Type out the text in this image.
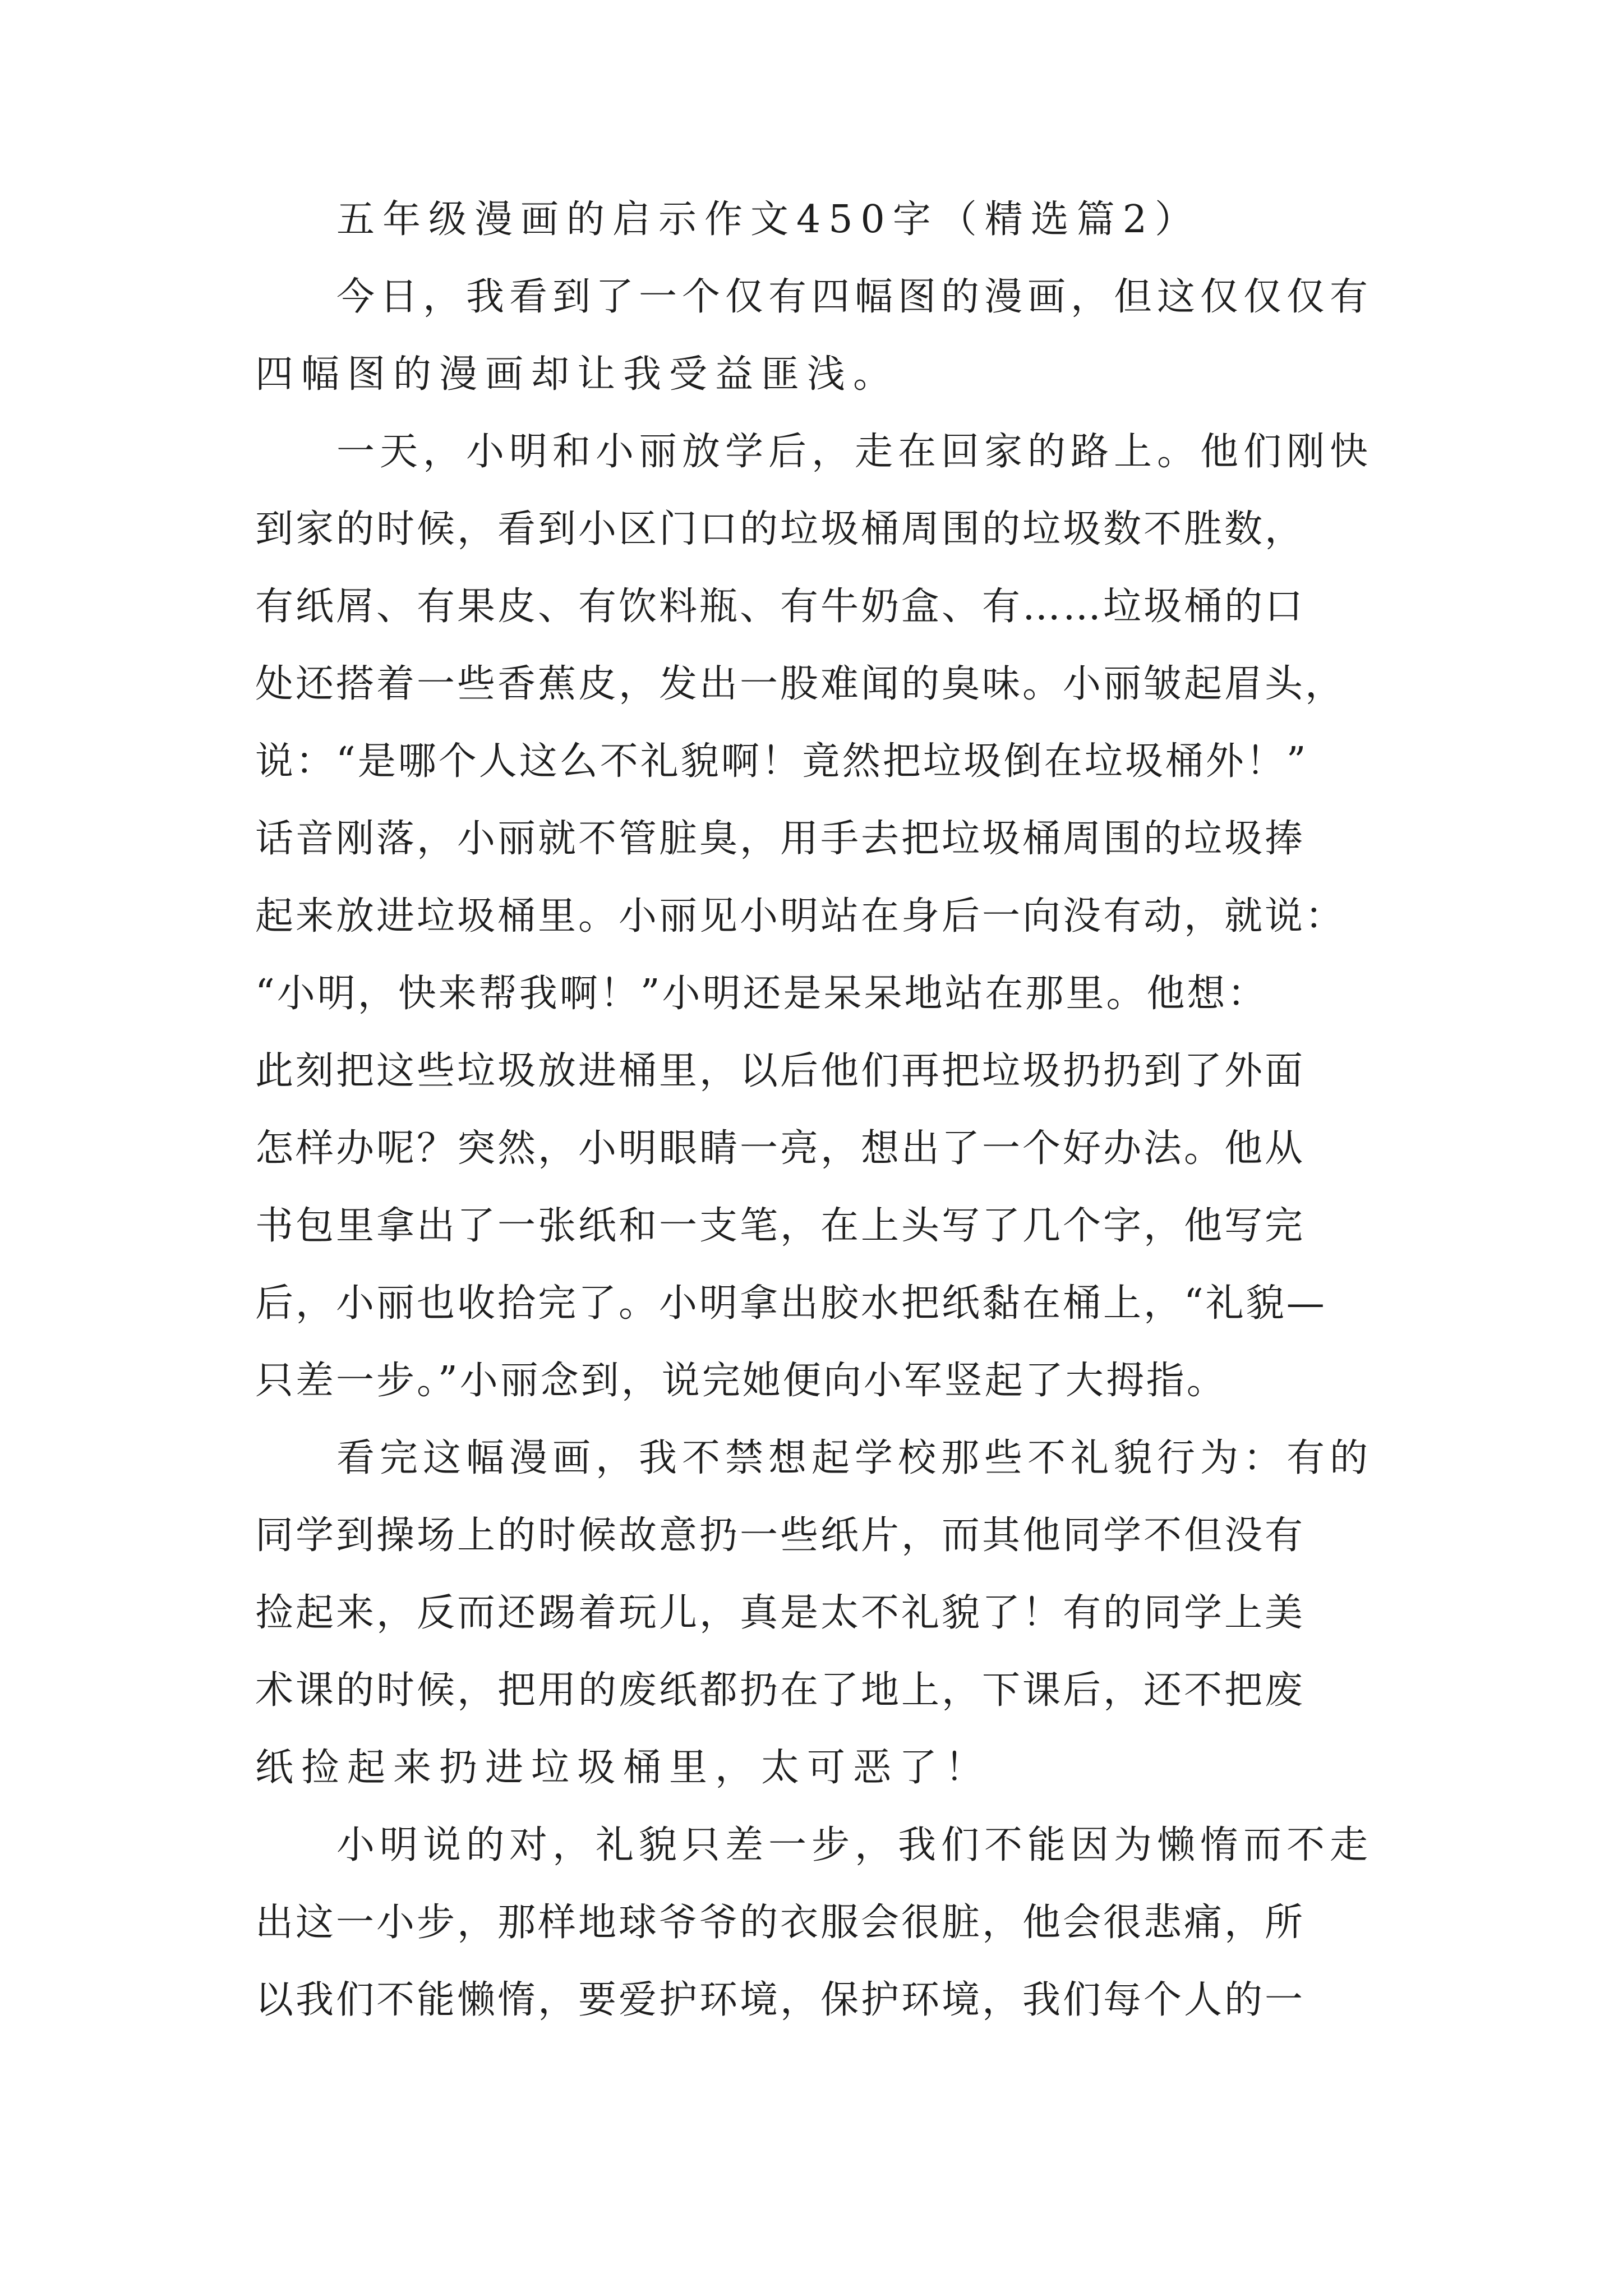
五年级漫画的启示作文450字（精选篇2）
今日，我看到了一个仅有四幅图的漫画，但这仅仅仅有
四幅图的漫画却让我受益匪浅。
一天，小明和小丽放学后，走在回家的路上。他们刚快
到家的时候，看到小区门口的垃圾桶周围的垃圾数不胜数，
有纸屑、有果皮、有饮料瓶、有牛奶盒、有……垃圾桶的口
处还搭着一些香蕉皮，发出一股难闻的臭味。小丽皱起眉头，
说：“是哪个人这么不礼貌啊！竟然把垃圾倒在垃圾桶外！”
话音刚落，小丽就不管脏臭，用手去把垃圾桶周围的垃圾捧
起来放进垃圾桶里。小丽见小明站在身后一向没有动，就说：
“小明，快来帮我啊！”小明还是呆呆地站在那里。他想：
此刻把这些垃圾放进桶里，以后他们再把垃圾扔扔到了外面
怎样办呢？突然，小明眼睛一亮，想出了一个好办法。他从
书包里拿出了一张纸和一支笔，在上头写了几个字，他写完
后，小丽也收拾完了。小明拿出胶水把纸黏在桶上，“礼貌—
只差一步。”小丽念到，说完她便向小军竖起了大拇指。
看完这幅漫画，我不禁想起学校那些不礼貌行为：有的
同学到操场上的时候故意扔一些纸片，而其他同学不但没有
捡起来，反而还踢着玩儿，真是太不礼貌了！有的同学上美
术课的时候，把用的废纸都扔在了地上，下课后，还不把废
纸捡起来扔进垃圾桶里，太可恶了！
小明说的对，礼貌只差一步，我们不能因为懒惰而不走
出这一小步，那样地球爷爷的衣服会很脏，他会很悲痛，所
以我们不能懒惰，要爱护环境，保护环境，我们每个人的一
